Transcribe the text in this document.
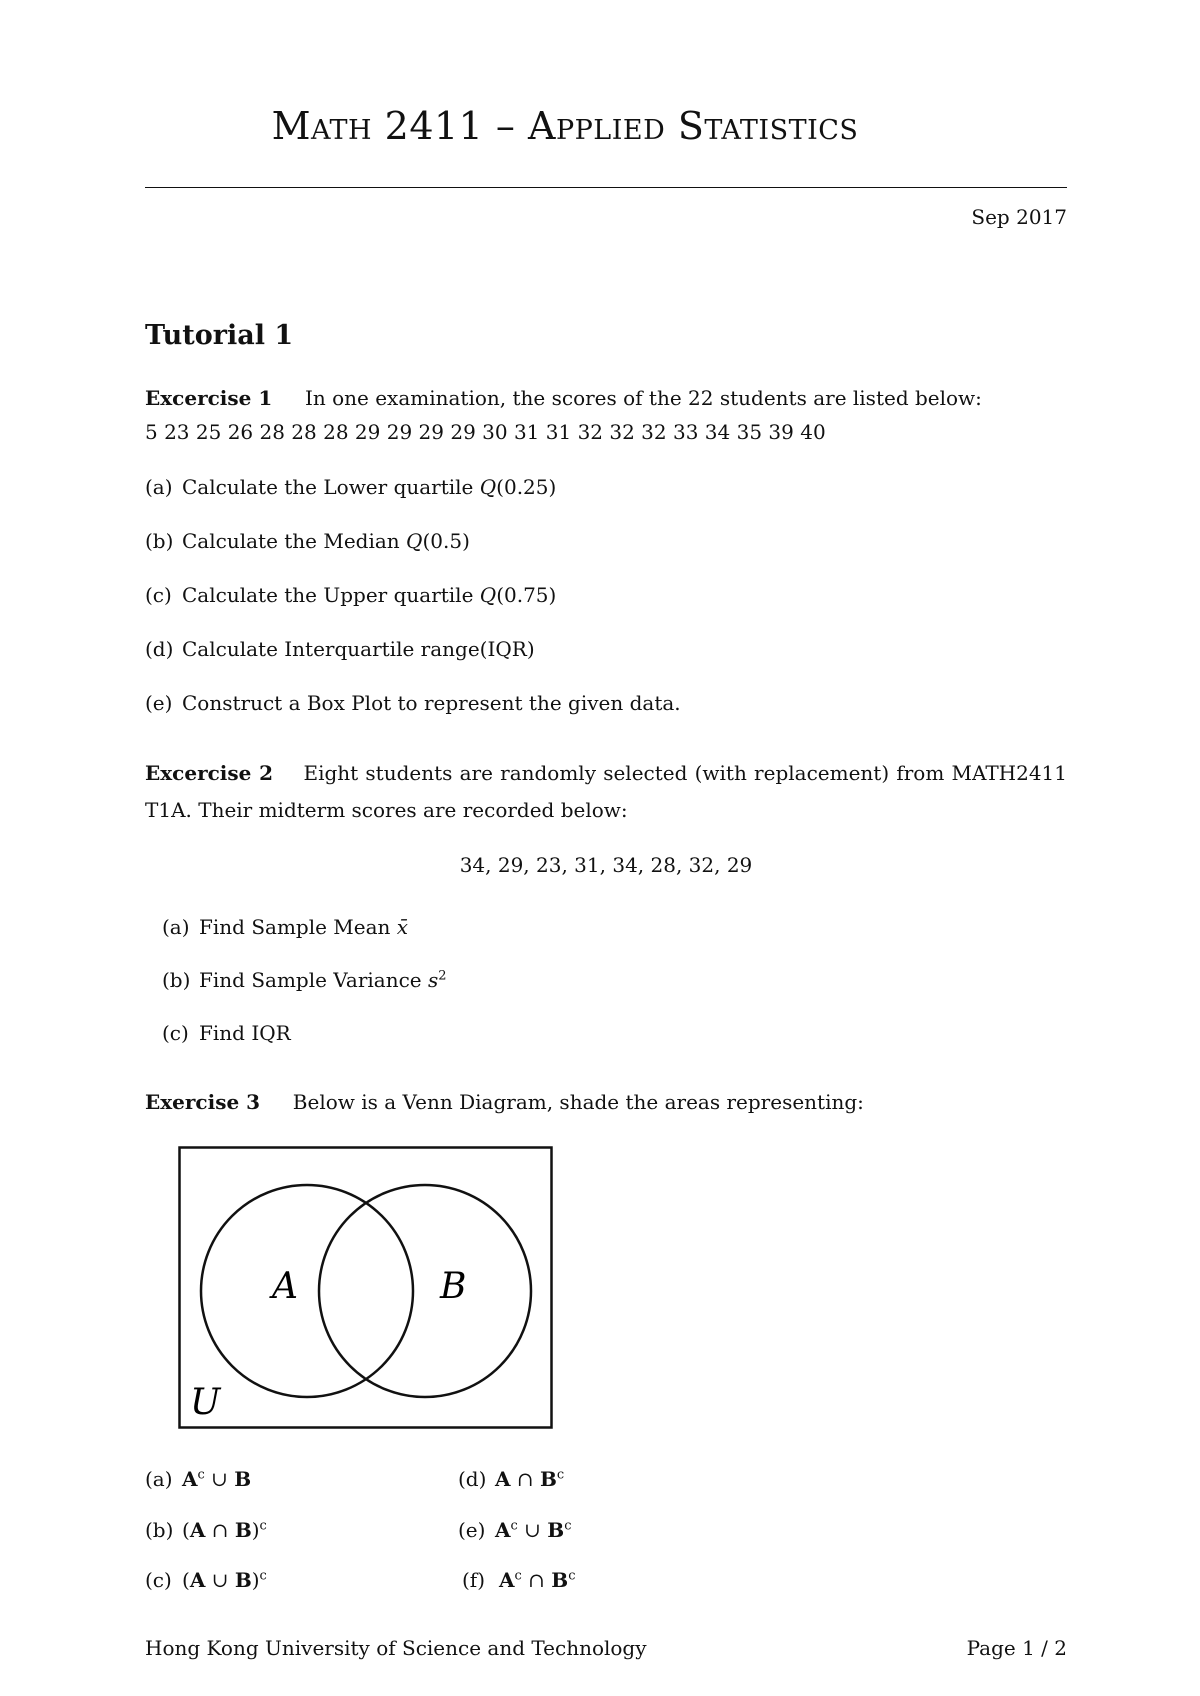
Math 2411 – Applied Statistics
Sep 2017
Tutorial 1
Excercise 1 In one examination, the scores of the 22 students are listed below:
5 23 25 26 28 28 28 29 29 29 29 30 31 31 32 32 32 33 34 35 39 40
(a) Calculate the Lower quartile Q(0.25)
(b) Calculate the Median Q(0.5)
(c) Calculate the Upper quartile Q(0.75)
(d) Calculate Interquartile range(IQR)
(e) Construct a Box Plot to represent the given data.
Excercise 2 Eight students are randomly selected (with replacement) from MATH2411 T1A. Their midterm scores are recorded below:
34, 29, 23, 31, 34, 28, 32, 29
(a) Find Sample Mean x̄
(b) Find Sample Variance $s^2$
(c) Find IQR
Exercise 3 Below is a Venn Diagram, shade the areas representing:
A	B
U
(a) $A^c$ ∪ B
(b) (A ∩ B)$^c$
(c) (A ∪ B)$^c$
(d) A ∩ $B^c$
(e) $A^c$ ∪ $B^c$
(f) $A^c$ ∩ $B^c$
Hong Kong University of Science and Technology	Page 1 / 2
